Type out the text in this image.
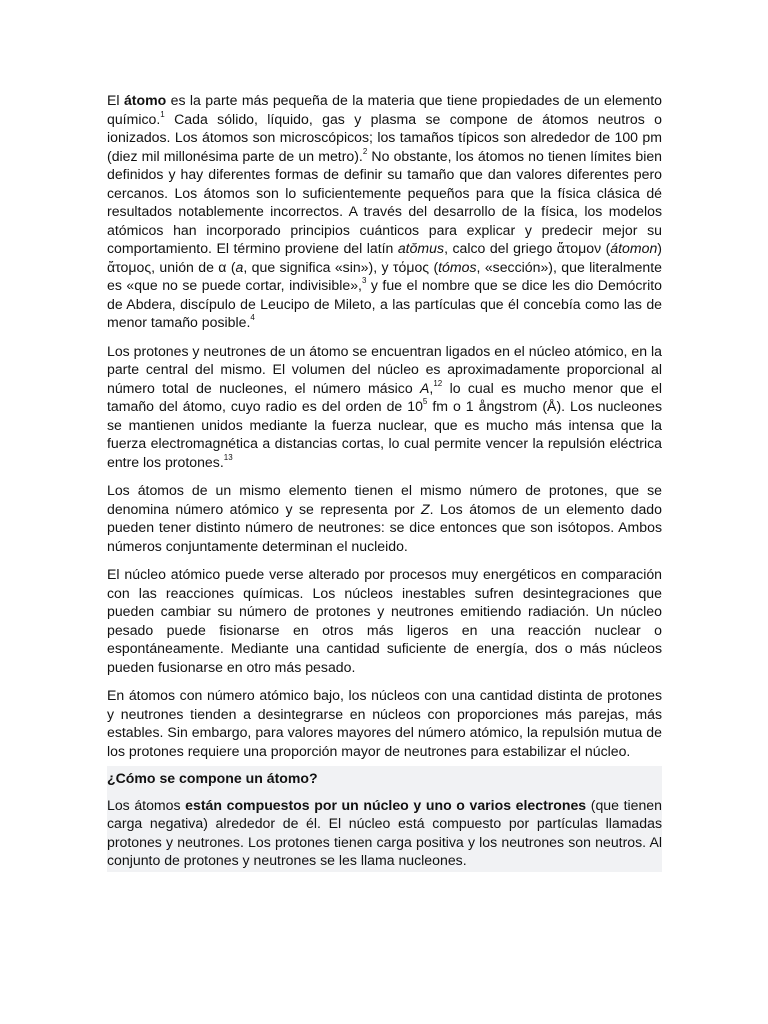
El átomo es la parte más pequeña de la materia que tiene propiedades de un elemento químico.$^1$ Cada sólido, líquido, gas y plasma se compone de átomos neutros o ionizados. Los átomos son microscópicos; los tamaños típicos son alrededor de 100 pm (diez mil millonésima parte de un metro).$^2$ No obstante, los átomos no tienen límites bien definidos y hay diferentes formas de definir su tamaño que dan valores diferentes pero cercanos. Los átomos son lo suficientemente pequeños para que la física clásica dé resultados notablemente incorrectos. A través del desarrollo de la física, los modelos atómicos han incorporado principios cuánticos para explicar y predecir mejor su comportamiento. El término proviene del latín atŏmus, calco del griego ἄτομον (átomon) ἄτομος, unión de α (a, que significa «sin»), y τόμος (tómos, «sección»), que literalmente es «que no se puede cortar, indivisible»,$^3$ y fue el nombre que se dice les dio Demócrito de Abdera, discípulo de Leucipo de Mileto, a las partículas que él concebía como las de menor tamaño posible.$^4$

Los protones y neutrones de un átomo se encuentran ligados en el núcleo atómico, en la parte central del mismo. El volumen del núcleo es aproximadamente proporcional al número total de nucleones, el número másico A,$^{12}$ lo cual es mucho menor que el tamaño del átomo, cuyo radio es del orden de $10^5$ fm o 1 ångstrom (Å). Los nucleones se mantienen unidos mediante la fuerza nuclear, que es mucho más intensa que la fuerza electromagnética a distancias cortas, lo cual permite vencer la repulsión eléctrica entre los protones.$^{13}$

Los átomos de un mismo elemento tienen el mismo número de protones, que se denomina número atómico y se representa por Z. Los átomos de un elemento dado pueden tener distinto número de neutrones: se dice entonces que son isótopos. Ambos números conjuntamente determinan el nucleido.

El núcleo atómico puede verse alterado por procesos muy energéticos en comparación con las reacciones químicas. Los núcleos inestables sufren desintegraciones que pueden cambiar su número de protones y neutrones emitiendo radiación. Un núcleo pesado puede fisionarse en otros más ligeros en una reacción nuclear o espontáneamente. Mediante una cantidad suficiente de energía, dos o más núcleos pueden fusionarse en otro más pesado.

En átomos con número atómico bajo, los núcleos con una cantidad distinta de protones y neutrones tienden a desintegrarse en núcleos con proporciones más parejas, más estables. Sin embargo, para valores mayores del número atómico, la repulsión mutua de los protones requiere una proporción mayor de neutrones para estabilizar el núcleo.

¿Cómo se compone un átomo?

Los átomos están compuestos por un núcleo y uno o varios electrones (que tienen carga negativa) alrededor de él. El núcleo está compuesto por partículas llamadas protones y neutrones. Los protones tienen carga positiva y los neutrones son neutros. Al conjunto de protones y neutrones se les llama nucleones.
